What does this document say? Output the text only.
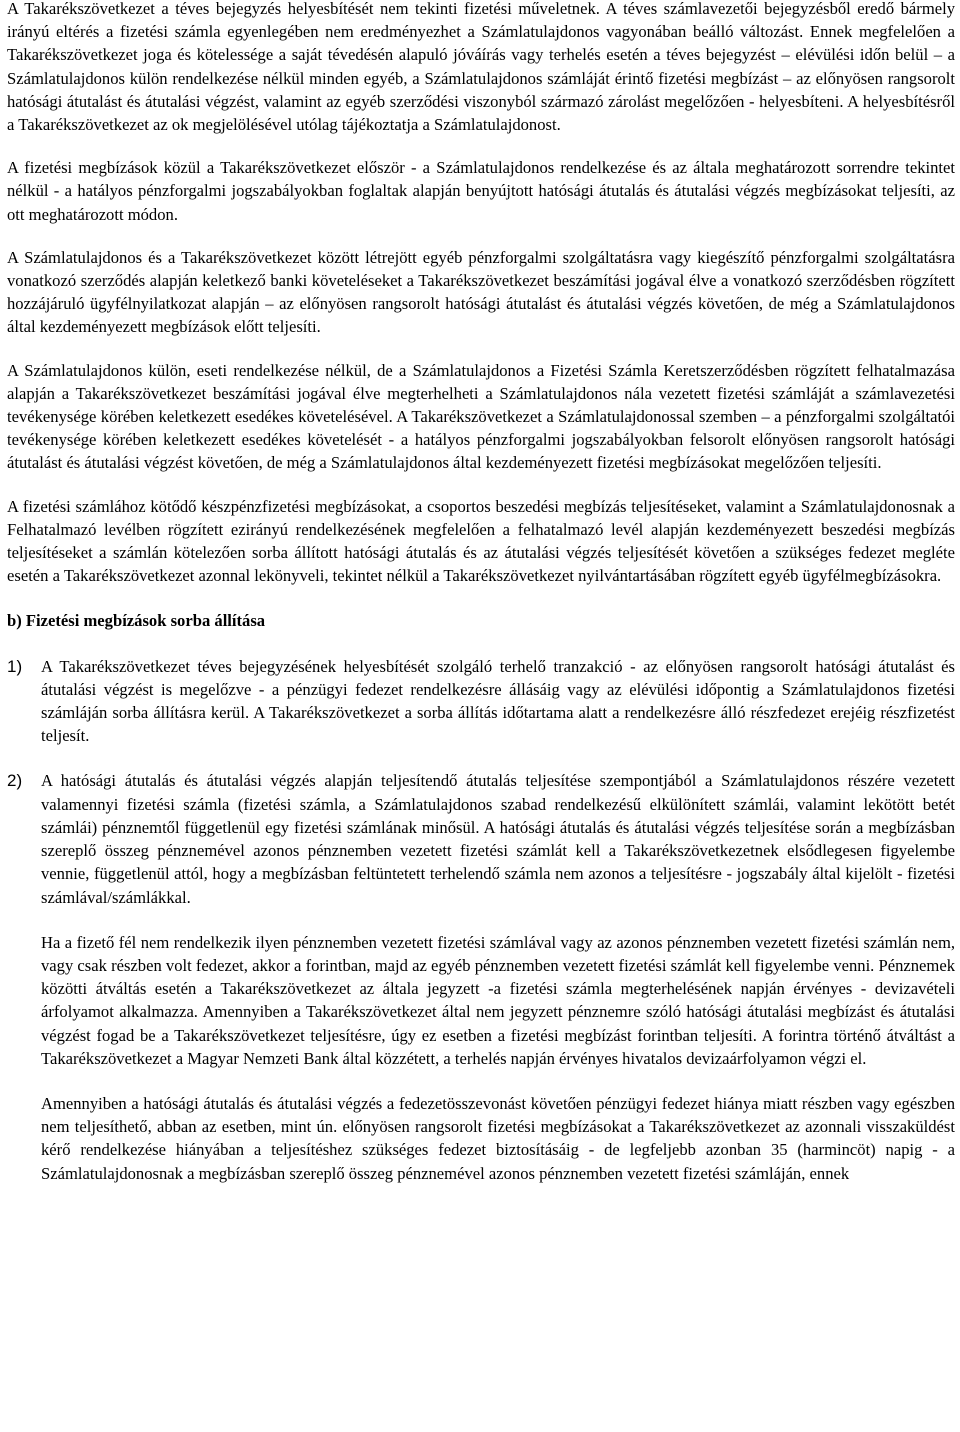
A Takarékszövetkezet a téves bejegyzés helyesbítését nem tekinti fizetési műveletnek. A téves számlavezetői bejegyzésből eredő bármely irányú eltérés a fizetési számla egyenlegében nem eredményezhet a Számlatulajdonos vagyonában beálló változást. Ennek megfelelően a Takarékszövetkezet joga és kötelessége a saját tévedésén alapuló jóváírás vagy terhelés esetén a téves bejegyzést – elévülési időn belül – a Számlatulajdonos külön rendelkezése nélkül minden egyéb, a Számlatulajdonos számláját érintő fizetési megbízást – az előnyösen rangsorolt hatósági átutalást és átutalási végzést, valamint az egyéb szerződési viszonyból származó zárolást megelőzően - helyesbíteni. A helyesbítésről a Takarékszövetkezet az ok megjelölésével utólag tájékoztatja a Számlatulajdonost.

A fizetési megbízások közül a Takarékszövetkezet először - a Számlatulajdonos rendelkezése és az általa meghatározott sorrendre tekintet nélkül - a hatályos pénzforgalmi jogszabályokban foglaltak alapján benyújtott hatósági átutalás és átutalási végzés megbízásokat teljesíti, az ott meghatározott módon.

A Számlatulajdonos és a Takarékszövetkezet között létrejött egyéb pénzforgalmi szolgáltatásra vagy kiegészítő pénzforgalmi szolgáltatásra vonatkozó szerződés alapján keletkező banki követeléseket a Takarékszövetkezet beszámítási jogával élve a vonatkozó szerződésben rögzített hozzájáruló ügyfélnyilatkozat alapján – az előnyösen rangsorolt hatósági átutalást és átutalási végzés követően, de még a Számlatulajdonos által kezdeményezett megbízások előtt teljesíti.

A Számlatulajdonos külön, eseti rendelkezése nélkül, de a Számlatulajdonos a Fizetési Számla Keretszerződésben rögzített felhatalmazása alapján a Takarékszövetkezet beszámítási jogával élve megterhelheti a Számlatulajdonos nála vezetett fizetési számláját a számlavezetési tevékenysége körében keletkezett esedékes követelésével. A Takarékszövetkezet a Számlatulajdonossal szemben – a pénzforgalmi szolgáltatói tevékenysége körében keletkezett esedékes követelését - a hatályos pénzforgalmi jogszabályokban felsorolt előnyösen rangsorolt hatósági átutalást és átutalási végzést követően, de még a Számlatulajdonos által kezdeményezett fizetési megbízásokat megelőzően teljesíti.

A fizetési számlához kötődő készpénzfizetési megbízásokat, a csoportos beszedési megbízás teljesítéseket, valamint a Számlatulajdonosnak a Felhatalmazó levélben rögzített ezirányú rendelkezésének megfelelően a felhatalmazó levél alapján kezdeményezett beszedési megbízás teljesítéseket a számlán kötelezően sorba állított hatósági átutalás és az átutalási végzés teljesítését követően a szükséges fedezet megléte esetén a Takarékszövetkezet azonnal lekönyveli, tekintet nélkül a Takarékszövetkezet nyilvántartásában rögzített egyéb ügyfélmegbízásokra.

b) Fizetési megbízások sorba állítása
1) A Takarékszövetkezet téves bejegyzésének helyesbítését szolgáló terhelő tranzakció - az előnyösen rangsorolt hatósági átutalást és átutalási végzést is megelőzve - a pénzügyi fedezet rendelkezésre állásáig vagy az elévülési időpontig a Számlatulajdonos fizetési számláján sorba állításra kerül. A Takarékszövetkezet a sorba állítás időtartama alatt a rendelkezésre álló részfedezet erejéig részfizetést teljesít.

2) A hatósági átutalás és átutalási végzés alapján teljesítendő átutalás teljesítése szempontjából a Számlatulajdonos részére vezetett valamennyi fizetési számla (fizetési számla, a Számlatulajdonos szabad rendelkezésű elkülönített számlái, valamint lekötött betét számlái) pénznemtől függetlenül egy fizetési számlának minősül. A hatósági átutalás és átutalási végzés teljesítése során a megbízásban szereplő összeg pénznemével azonos pénznemben vezetett fizetési számlát kell a Takarékszövetkezetnek elsődlegesen figyelembe vennie, függetlenül attól, hogy a megbízásban feltüntetett terhelendő számla nem azonos a teljesítésre - jogszabály által kijelölt - fizetési számlával/számlákkal.

Ha a fizető fél nem rendelkezik ilyen pénznemben vezetett fizetési számlával vagy az azonos pénznemben vezetett fizetési számlán nem, vagy csak részben volt fedezet, akkor a forintban, majd az egyéb pénznemben vezetett fizetési számlát kell figyelembe venni. Pénznemek közötti átváltás esetén a Takarékszövetkezet az általa jegyzett -a fizetési számla megterhelésének napján érvényes - devizavételi árfolyamot alkalmazza. Amennyiben a Takarékszövetkezet által nem jegyzett pénznemre szóló hatósági átutalási megbízást és átutalási végzést fogad be a Takarékszövetkezet teljesítésre, úgy ez esetben a fizetési megbízást forintban teljesíti. A forintra történő átváltást a Takarékszövetkezet a Magyar Nemzeti Bank által közzétett, a terhelés napján érvényes hivatalos devizaárfolyamon végzi el.

Amennyiben a hatósági átutalás és átutalási végzés a fedezetösszevonást követően pénzügyi fedezet hiánya miatt részben vagy egészben nem teljesíthető, abban az esetben, mint ún. előnyösen rangsorolt fizetési megbízásokat a Takarékszövetkezet az azonnali visszaküldést kérő rendelkezése hiányában a teljesítéshez szükséges fedezet biztosításáig - de legfeljebb azonban 35 (harmincöt) napig - a Számlatulajdonosnak a megbízásban szereplő összeg pénznemével azonos pénznemben vezetett fizetési számláján, ennek
